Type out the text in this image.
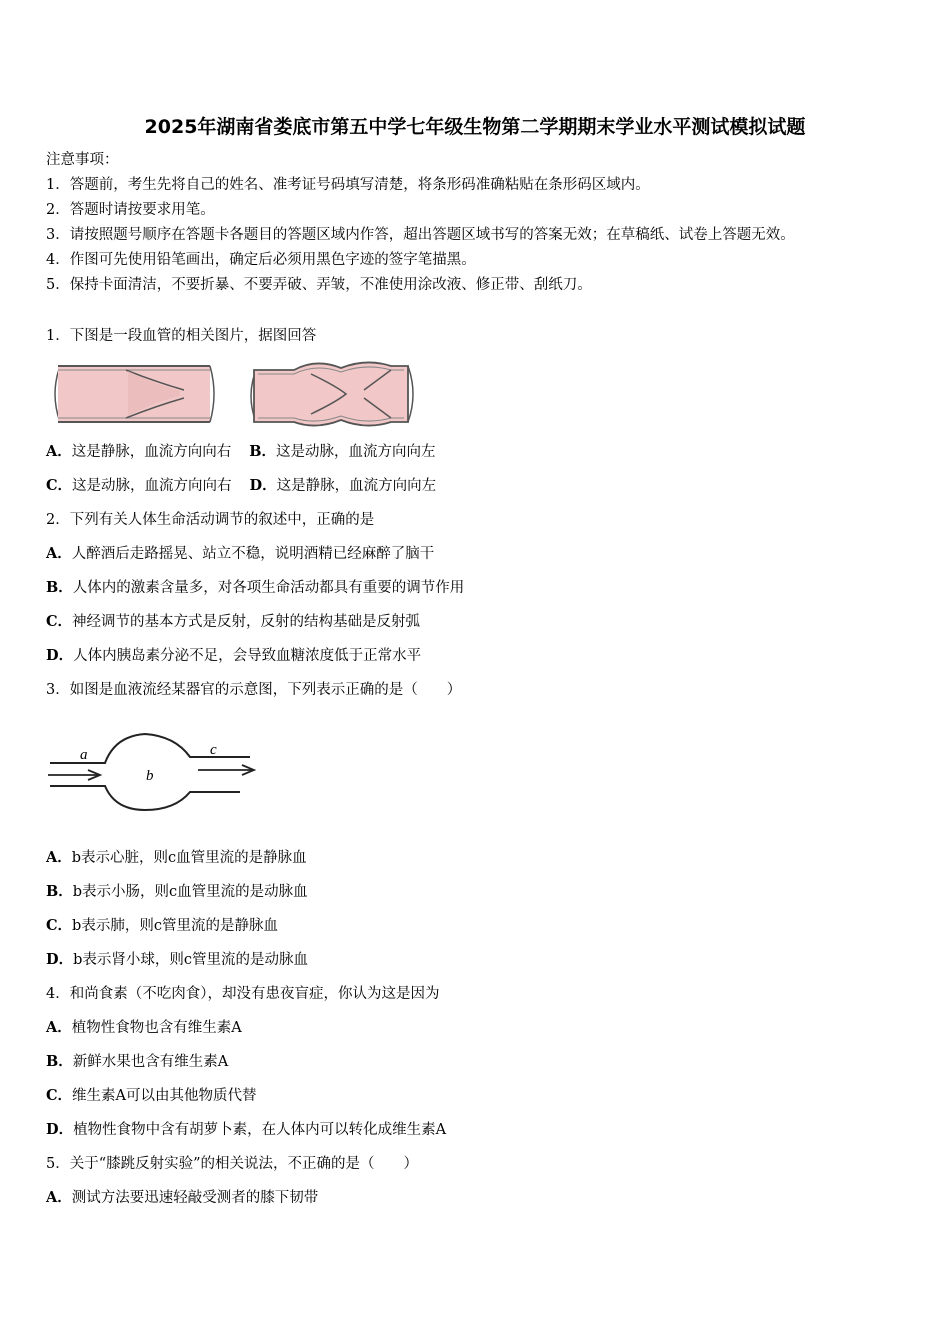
2025年湖南省娄底市第五中学七年级生物第二学期期末学业水平测试模拟试题
注意事项：
1．答题前，考生先将自己的姓名、准考证号码填写清楚，将条形码准确粘贴在条形码区域内。
2．答题时请按要求用笔。
3．请按照题号顺序在答题卡各题目的答题区域内作答，超出答题区域书写的答案无效；在草稿纸、试卷上答题无效。
4．作图可先使用铅笔画出，确定后必须用黑色字迹的签字笔描黑。
5．保持卡面清洁，不要折暴、不要弄破、弄皱，不准使用涂改液、修正带、刮纸刀。
1．下图是一段血管的相关图片，据图回答
A．这是静脉，血流方向向右 B．这是动脉，血流方向向左
C．这是动脉，血流方向向右 D．这是静脉，血流方向向左
2．下列有关人体生命活动调节的叙述中，正确的是
A．人醉酒后走路摇晃、站立不稳，说明酒精已经麻醉了脑干
B．人体内的激素含量多，对各项生命活动都具有重要的调节作用
C．神经调节的基本方式是反射，反射的结构基础是反射弧
D．人体内胰岛素分泌不足，会导致血糖浓度低于正常水平
3．如图是血液流经某器官的示意图，下列表示正确的是（　　）
a
b
c
A．b表示心脏，则c血管里流的是静脉血
B．b表示小肠，则c血管里流的是动脉血
C．b表示肺，则c管里流的是静脉血
D．b表示肾小球，则c管里流的是动脉血
4．和尚食素（不吃肉食），却没有患夜盲症，你认为这是因为
A．植物性食物也含有维生素A
B．新鲜水果也含有维生素A
C．维生素A可以由其他物质代替
D．植物性食物中含有胡萝卜素，在人体内可以转化成维生素A
5．关于“膝跳反射实验”的相关说法，不正确的是（　　）
A．测试方法要迅速轻敲受测者的膝下韧带
